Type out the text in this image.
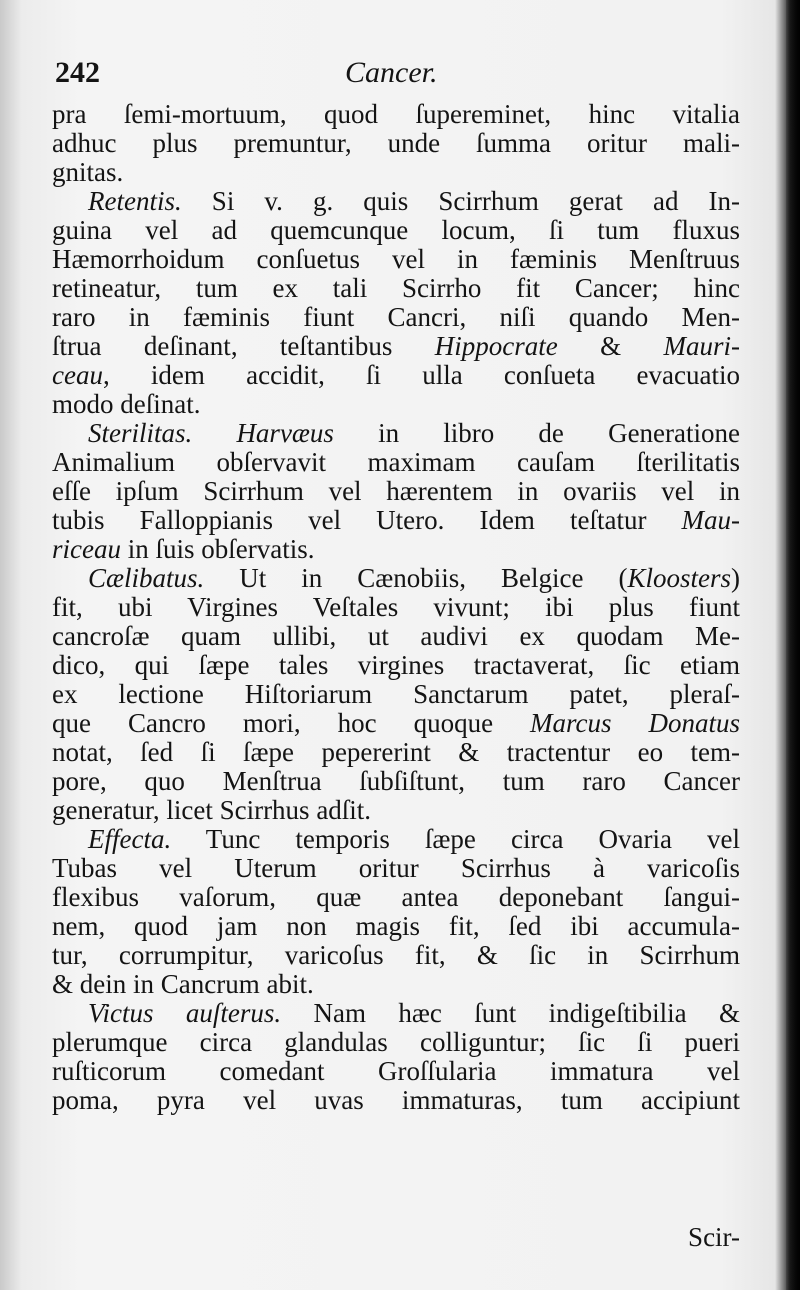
242	Cancer.
pra ſemi-mortuum, quod ſupereminet, hinc vitalia
adhuc plus premuntur, unde ſumma oritur mali-
gnitas.
Retentis. Si v. g. quis Scirrhum gerat ad In-
guina vel ad quemcunque locum, ſi tum fluxus
Hæmorrhoidum conſuetus vel in fæminis Menſtruus
retineatur, tum ex tali Scirrho fit Cancer; hinc
raro in fæminis fiunt Cancri, niſi quando Men-
ſtrua deſinant, teſtantibus Hippocrate & Mauri-
ceau, idem accidit, ſi ulla conſueta evacuatio
modo deſinat.
Sterilitas. Harvæus in libro de Generatione
Animalium obſervavit maximam cauſam ſterilitatis
eſſe ipſum Scirrhum vel hærentem in ovariis vel in
tubis Falloppianis vel Utero. Idem teſtatur Mau-
riceau in ſuis obſervatis.
Cælibatus. Ut in Cænobiis, Belgice (Kloosters)
fit, ubi Virgines Veſtales vivunt; ibi plus fiunt
cancroſæ quam ullibi, ut audivi ex quodam Me-
dico, qui ſæpe tales virgines tractaverat, ſic etiam
ex lectione Hiſtoriarum Sanctarum patet, pleraſ-
que Cancro mori, hoc quoque Marcus Donatus
notat, ſed ſi ſæpe pepererint & tractentur eo tem-
pore, quo Menſtrua ſubſiſtunt, tum raro Cancer
generatur, licet Scirrhus adſit.
Effecta. Tunc temporis ſæpe circa Ovaria vel
Tubas vel Uterum oritur Scirrhus à varicoſis
flexibus vaſorum, quæ antea deponebant ſangui-
nem, quod jam non magis fit, ſed ibi accumula-
tur, corrumpitur, varicoſus fit, & ſic in Scirrhum
& dein in Cancrum abit.
Victus auſterus. Nam hæc ſunt indigeſtibilia &
plerumque circa glandulas colliguntur; ſic ſi pueri
ruſticorum comedant Groſſularia immatura vel
poma, pyra vel uvas immaturas, tum accipiunt
Scir-
